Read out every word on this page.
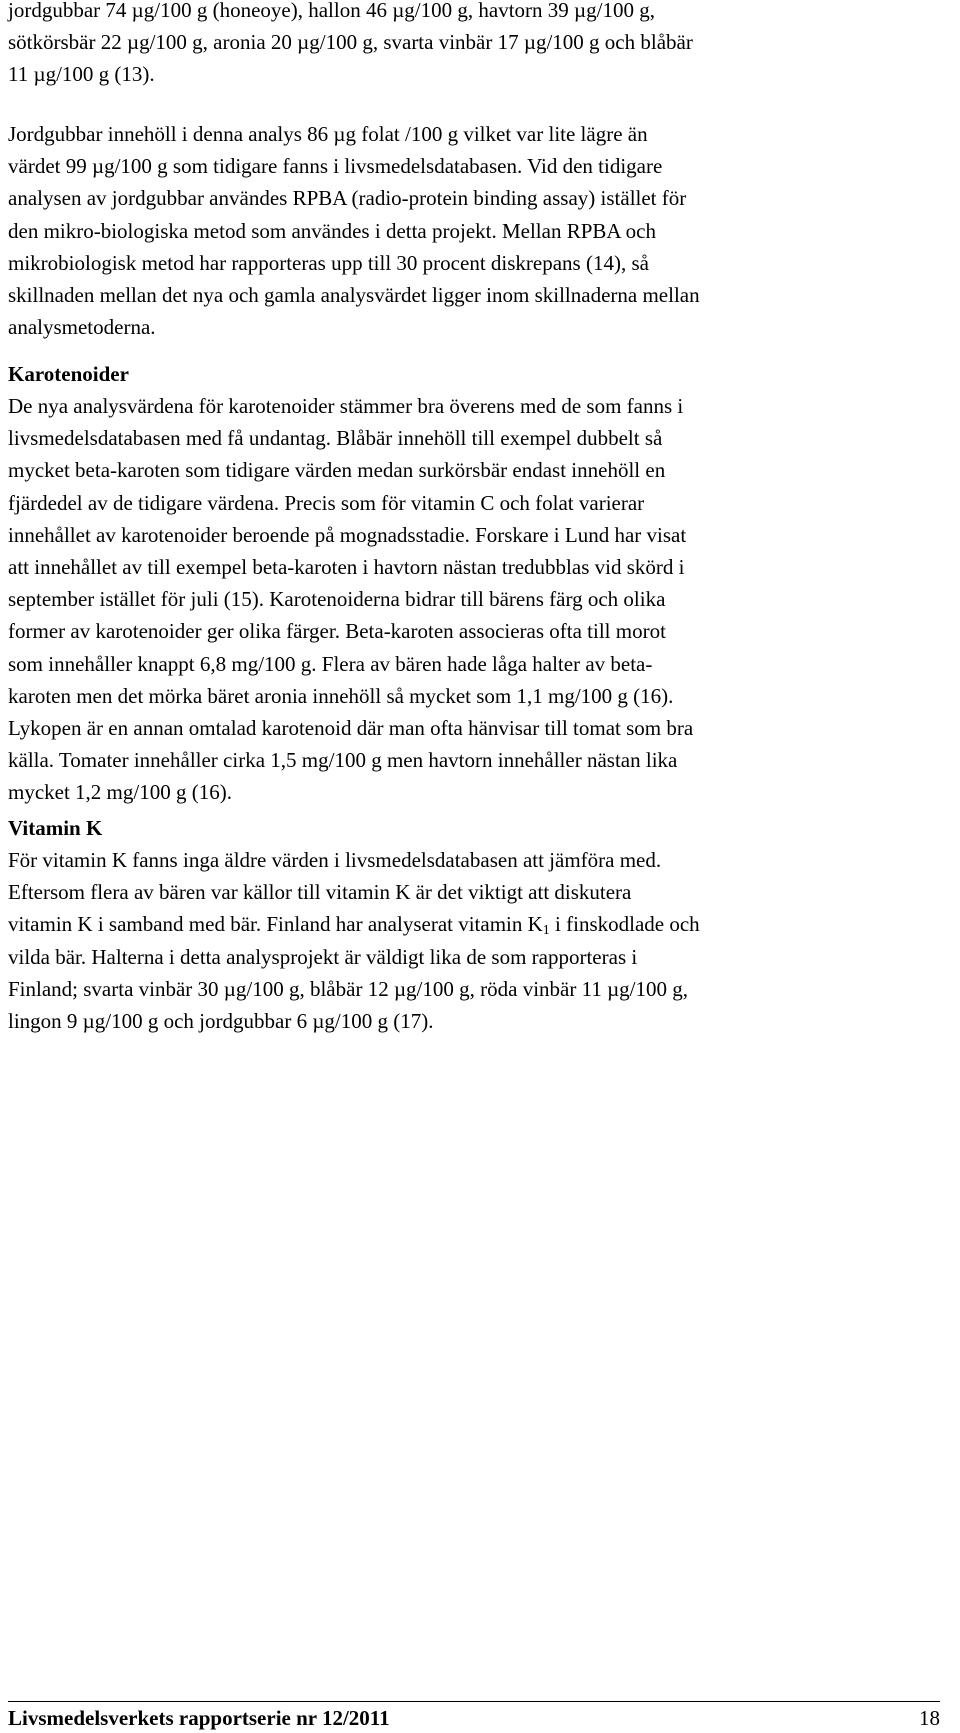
jordgubbar 74 µg/100 g (honeoye), hallon 46 µg/100 g, havtorn 39 µg/100 g,
sötkörsbär 22 µg/100 g, aronia 20 µg/100 g, svarta vinbär 17 µg/100 g och blåbär
11 µg/100 g (13).

Jordgubbar innehöll i denna analys 86 µg folat /100 g vilket var lite lägre än
värdet 99 µg/100 g som tidigare fanns i livsmedelsdatabasen. Vid den tidigare
analysen av jordgubbar användes RPBA (radio-protein binding assay) istället för
den mikro-biologiska metod som användes i detta projekt. Mellan RPBA och
mikrobiologisk metod har rapporteras upp till 30 procent diskrepans (14), så
skillnaden mellan det nya och gamla analysvärdet ligger inom skillnaderna mellan
analysmetoderna.

Karotenoider

De nya analysvärdena för karotenoider stämmer bra överens med de som fanns i
livsmedelsdatabasen med få undantag. Blåbär innehöll till exempel dubbelt så
mycket beta-karoten som tidigare värden medan surkörsbär endast innehöll en
fjärdedel av de tidigare värdena. Precis som för vitamin C och folat varierar
innehållet av karotenoider beroende på mognadsstadie. Forskare i Lund har visat
att innehållet av till exempel beta-karoten i havtorn nästan tredubblas vid skörd i
september istället för juli (15). Karotenoiderna bidrar till bärens färg och olika
former av karotenoider ger olika färger. Beta-karoten associeras ofta till morot
som innehåller knappt 6,8 mg/100 g. Flera av bären hade låga halter av beta-
karoten men det mörka bäret aronia innehöll så mycket som 1,1 mg/100 g (16).
Lykopen är en annan omtalad karotenoid där man ofta hänvisar till tomat som bra
källa. Tomater innehåller cirka 1,5 mg/100 g men havtorn innehåller nästan lika
mycket 1,2 mg/100 g (16).

Vitamin K

För vitamin K fanns inga äldre värden i livsmedelsdatabasen att jämföra med.
Eftersom flera av bären var källor till vitamin K är det viktigt att diskutera
vitamin K i samband med bär. Finland har analyserat vitamin $K_1$ i finskodlade och
vilda bär. Halterna i detta analysprojekt är väldigt lika de som rapporteras i
Finland; svarta vinbär 30 µg/100 g, blåbär 12 µg/100 g, röda vinbär 11 µg/100 g,
lingon 9 µg/100 g och jordgubbar 6 µg/100 g (17).

Livsmedelsverkets rapportserie nr 12/2011	18
